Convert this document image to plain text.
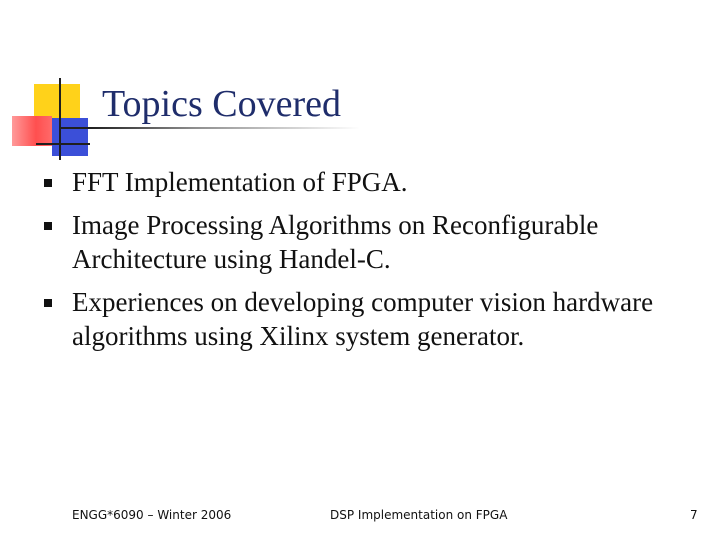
Topics Covered
FFT Implementation of FPGA.
Image Processing Algorithms on Reconfigurable Architecture using Handel-C.
Experiences on developing computer vision hardware algorithms using Xilinx system generator.
ENGG*6090 – Winter 2006	DSP Implementation on FPGA	7
